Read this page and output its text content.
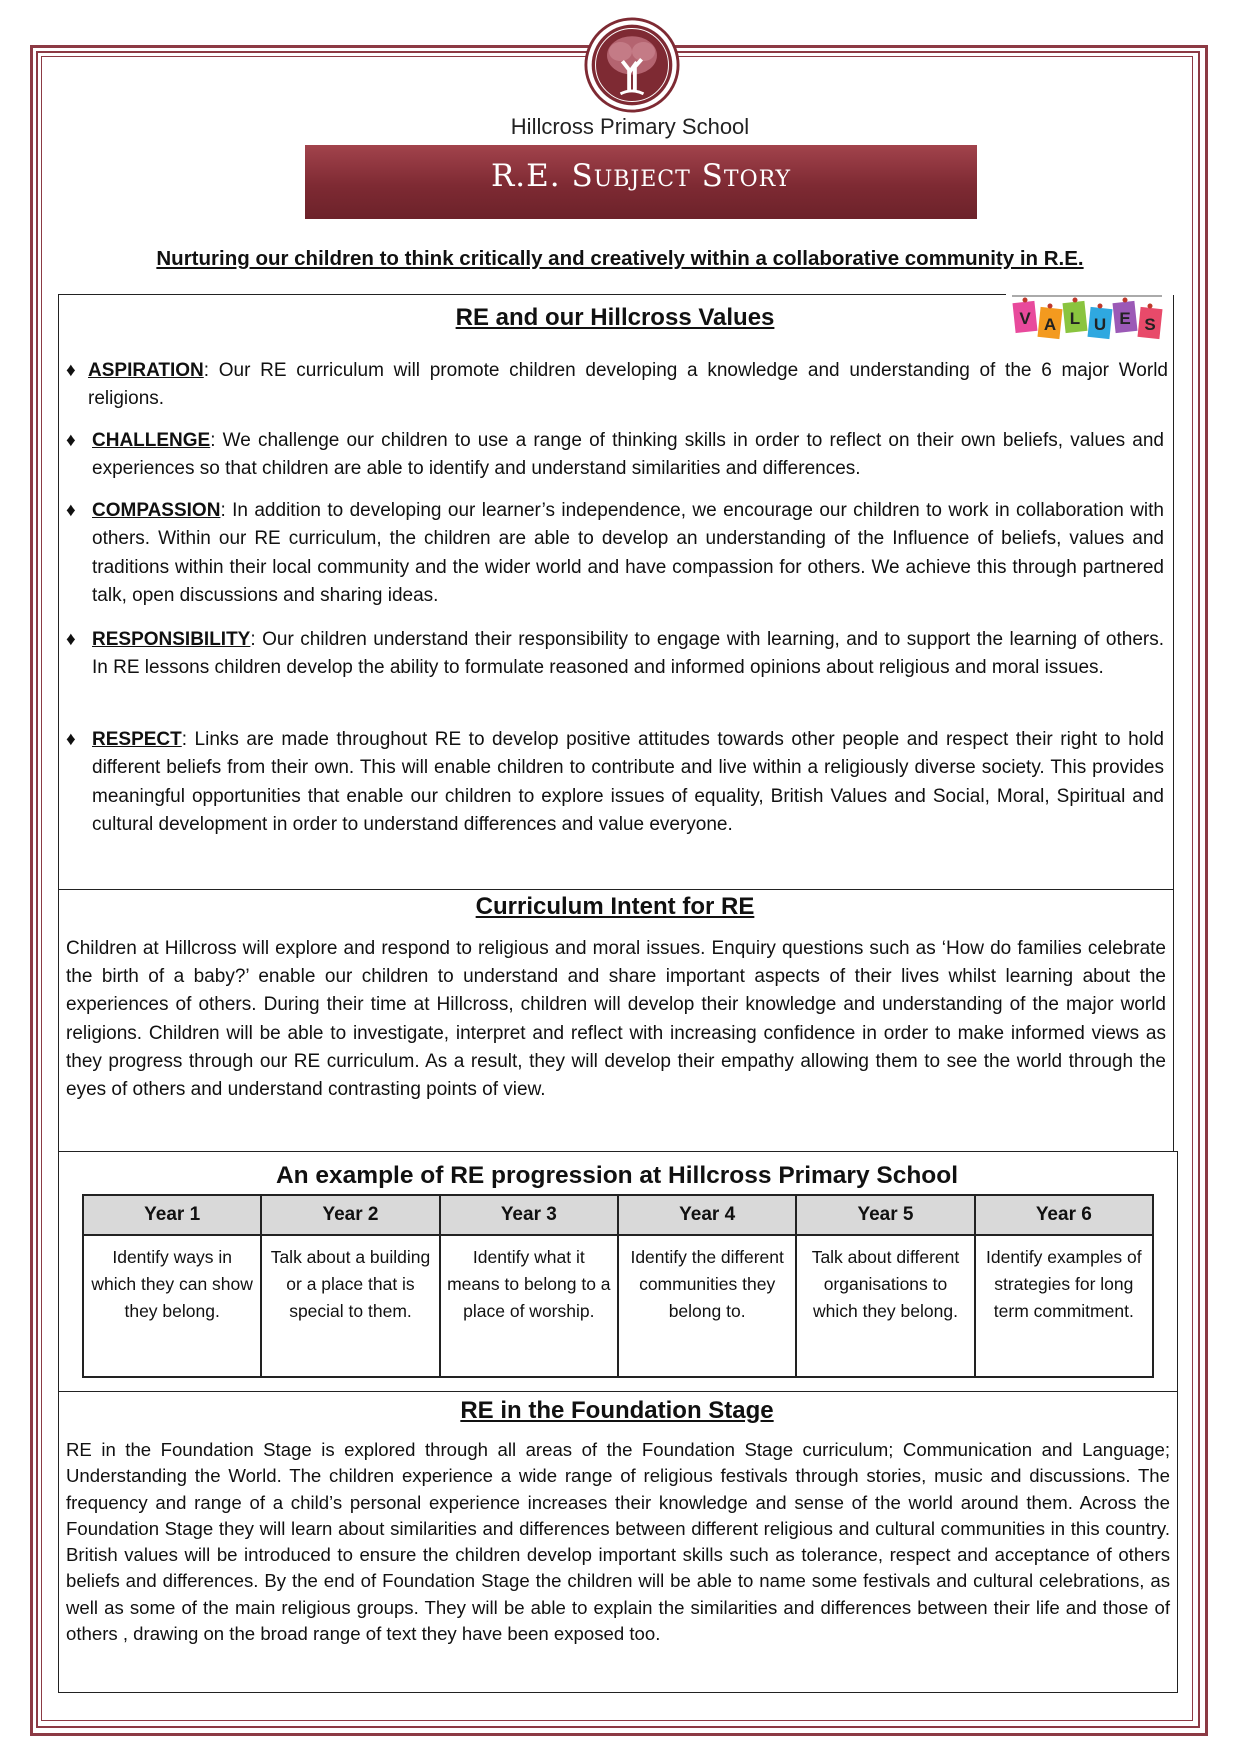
Hillcross Primary School
R.E. Subject Story
Nurturing our children to think critically and creatively within a collaborative community in R.E.
RE and our Hillcross Values	V A L U E S
♦ ASPIRATION: Our RE curriculum will promote children developing a knowledge and understanding of the 6 major World religions.
♦ CHALLENGE: We challenge our children to use a range of thinking skills in order to reflect on their own beliefs, values and experiences so that children are able to identify and understand similarities and differences.
♦ COMPASSION: In addition to developing our learner’s independence, we encourage our children to work in collaboration with others. Within our RE curriculum, the children are able to develop an understanding of the Influence of beliefs, values and traditions within their local community and the wider world and have compassion for others. We achieve this through partnered talk, open discussions and sharing ideas.
♦ RESPONSIBILITY: Our children understand their responsibility to engage with learning, and to support the learning of others. In RE lessons children develop the ability to formulate reasoned and informed opinions about religious and moral issues.
♦ RESPECT: Links are made throughout RE to develop positive attitudes towards other people and respect their right to hold different beliefs from their own. This will enable children to contribute and live within a religiously diverse society. This provides meaningful opportunities that enable our children to explore issues of equality, British Values and Social, Moral, Spiritual and cultural development in order to understand differences and value everyone.
Curriculum Intent for RE
Children at Hillcross will explore and respond to religious and moral issues. Enquiry questions such as ‘How do families celebrate the birth of a baby?’ enable our children to understand and share important aspects of their lives whilst learning about the experiences of others. During their time at Hillcross, children will develop their knowledge and understanding of the major world religions. Children will be able to investigate, interpret and reflect with increasing confidence in order to make informed views as they progress through our RE curriculum. As a result, they will develop their empathy allowing them to see the world through the eyes of others and understand contrasting points of view.
An example of RE progression at Hillcross Primary School
Year 1	Year 2	Year 3	Year 4	Year 5	Year 6
Identify ways in which they can show they belong.	Talk about a building or a place that is special to them.	Identify what it means to belong to a place of worship.	Identify the different communities they belong to.	Talk about different organisations to which they belong.	Identify examples of strategies for long term commitment.
RE in the Foundation Stage
RE in the Foundation Stage is explored through all areas of the Foundation Stage curriculum; Communication and Language; Understanding the World. The children experience a wide range of religious festivals through stories, music and discussions. The frequency and range of a child’s personal experience increases their knowledge and sense of the world around them. Across the Foundation Stage they will learn about similarities and differences between different religious and cultural communities in this country. British values will be introduced to ensure the children develop important skills such as tolerance, respect and acceptance of others beliefs and differences. By the end of Foundation Stage the children will be able to name some festivals and cultural celebrations, as well as some of the main religious groups. They will be able to explain the similarities and differences between their life and those of others , drawing on the broad range of text they have been exposed too.
